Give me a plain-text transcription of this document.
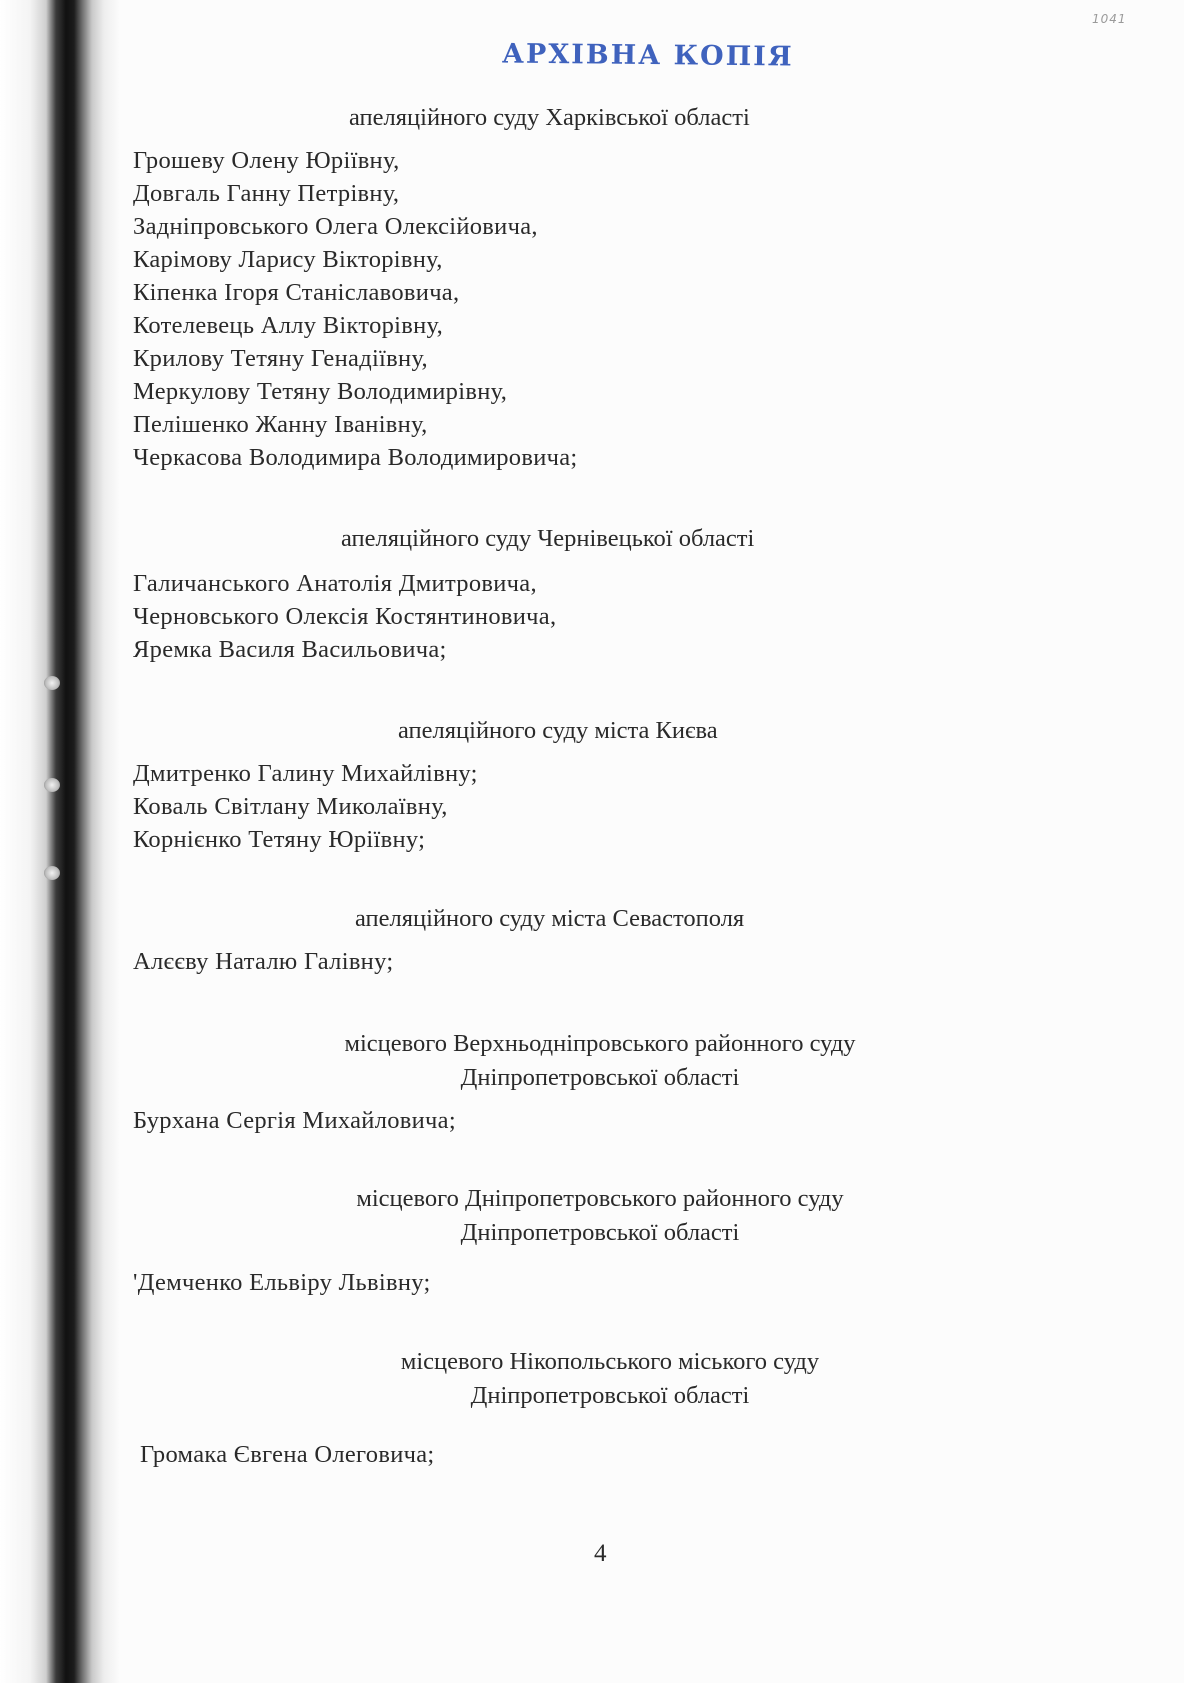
1041
АРХІВНА КОПІЯ
апеляційного суду Харківської області
Грошеву Олену Юріївну,
Довгаль Ганну Петрівну,
Задніпровського Олега Олексійовича,
Карімову Ларису Вікторівну,
Кіпенка Ігоря Станіславовича,
Котелевець Аллу Вікторівну,
Крилову Тетяну Генадіївну,
Меркулову Тетяну Володимирівну,
Пелішенко Жанну Іванівну,
Черкасова Володимира Володимировича;
апеляційного суду Чернівецької області
Галичанського Анатолія Дмитровича,
Черновського Олексія Костянтиновича,
Яремка Василя Васильовича;
апеляційного суду міста Києва
Дмитренко Галину Михайлівну;
Коваль Світлану Миколаївну,
Корнієнко Тетяну Юріївну;
апеляційного суду міста Севастополя
Алєєву Наталю Галівну;
місцевого Верхньодніпровського районного суду
Дніпропетровської області
Бурхана Сергія Михайловича;
місцевого Дніпропетровського районного суду
Дніпропетровської області
'Демченко Ельвіру Львівну;
місцевого Нікопольського міського суду
Дніпропетровської області
Громака Євгена Олеговича;
4
